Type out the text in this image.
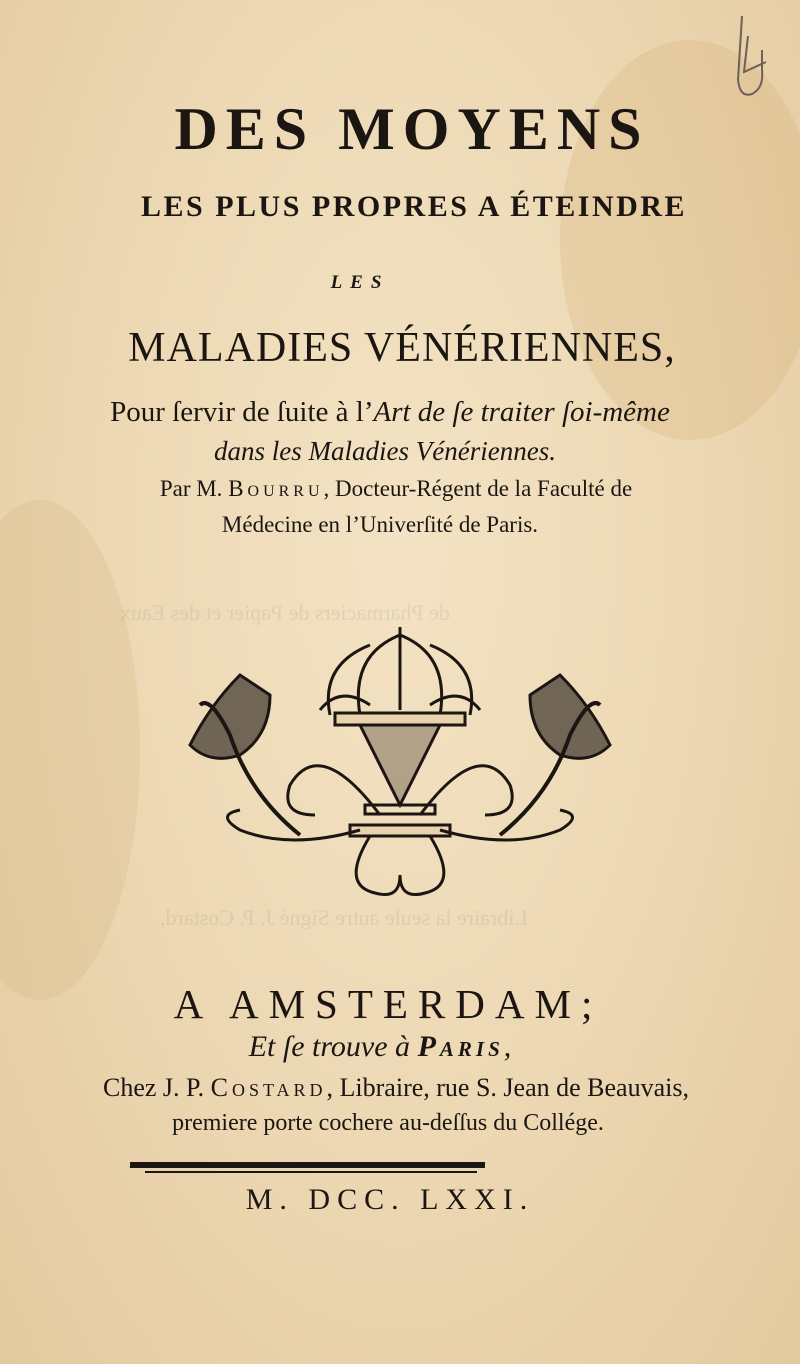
de Pharmaciers de Papier et des Eaux
Libraire la seule autre Signé J. P. Costard,
DES MOYENS
LES PLUS PROPRES A ÉTEINDRE
LES
MALADIES VÉNÉRIENNES,
Pour ſervir de ſuite à l’Art de ſe traiter ſoi-même
dans les Maladies Vénériennes.
Par M. Bourru, Docteur-Régent de la Faculté de
Médecine en l’Univerſité de Paris.
A AMSTERDAM;
Et ſe trouve à Paris,
Chez J. P. Costard, Libraire, rue S. Jean de Beauvais,
premiere porte cochere au-deſſus du Collége.
M. DCC. LXXI.
